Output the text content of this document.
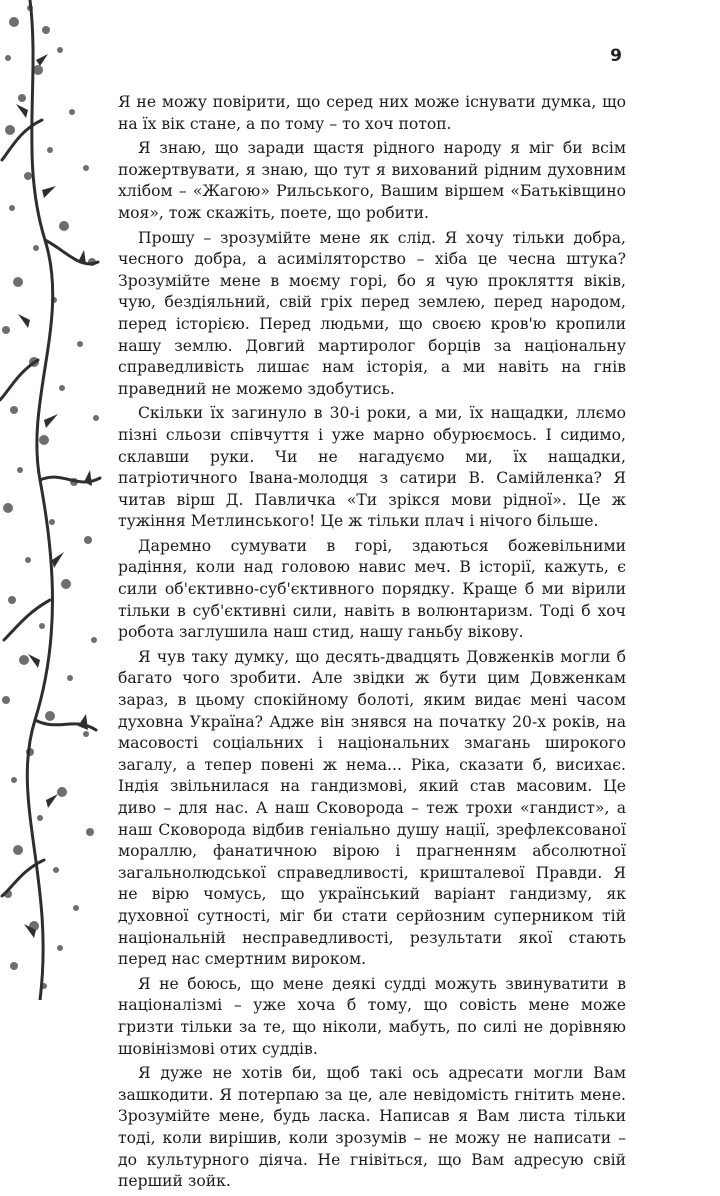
9

Я не можу повірити, що серед них може існувати думка, що на їх вік стане, а по тому – то хоч потоп.

Я знаю, що заради щастя рідного народу я міг би всім пожертвувати, я знаю, що тут я вихований рідним духовним хлібом – «Жагою» Рильського, Вашим віршем «Батьківщино моя», тож скажіть, поете, що робити.

Прошу – зрозумійте мене як слід. Я хочу тільки добра, чесного добра, а асиміляторство – хіба це чесна штука? Зрозумійте мене в моєму горі, бо я чую прокляття віків, чую, бездіяльний, свій гріх перед землею, перед народом, перед історією. Перед людьми, що своєю кров'ю кропили нашу землю. Довгий мартиролог борців за національну справедливість лишає нам історія, а ми навіть на гнів праведний не можемо здобутись.

Скільки їх загинуло в 30-і роки, а ми, їх нащадки, ллємо пізні сльози співчуття і уже марно обурюємось. І сидимо, склавши руки. Чи не нагадуємо ми, їх нащадки, патріотичного Івана-молодця з сатири В. Самійленка? Я читав вірш Д. Павличка «Ти зрікся мови рідної». Це ж тужіння Метлинського! Це ж тільки плач і нічого більше.

Даремно сумувати в горі, здаються божевільними радіння, коли над головою навис меч. В історії, кажуть, є сили об'єктивно-суб'єктивного порядку. Краще б ми вірили тільки в суб'єктивні сили, навіть в волюнтаризм. Тоді б хоч робота заглушила наш стид, нашу ганьбу вікову.

Я чув таку думку, що десять-двадцять Довженків могли б багато чого зробити. Але звідки ж бути цим Довженкам зараз, в цьому спокійному болоті, яким видає мені часом духовна Україна? Адже він знявся на початку 20-х років, на масовості соціальних і національних змагань широкого загалу, а тепер повені ж нема... Ріка, сказати б, висихає. Індія звільнилася на гандизмові, який став масовим. Це диво – для нас. А наш Сковорода – теж трохи «гандист», а наш Сковорода відбив геніально душу нації, зрефлексованої мораллю, фанатичною вірою і прагненням абсолютної загальнолюдської справедливості, кришталевої Правди. Я не вірю чомусь, що український варіант гандизму, як духовної сутності, міг би стати серйозним суперником тій національній несправедливості, результати якої стають перед нас смертним вироком.

Я не боюсь, що мене деякі судді можуть звинуватити в націоналізмі – уже хоча б тому, що совість мене може гризти тільки за те, що ніколи, мабуть, по силі не дорівняю шовінізмові отих суддів.

Я дуже не хотів би, щоб такі ось адресати могли Вам зашкодити. Я потерпаю за це, але невідомість гнітить мене. Зрозумійте мене, будь ласка. Написав я Вам листа тільки тоді, коли вирішив, коли зрозумів – не можу не написати – до культурного діяча. Не гнівіться, що Вам адресую свій перший зойк.
